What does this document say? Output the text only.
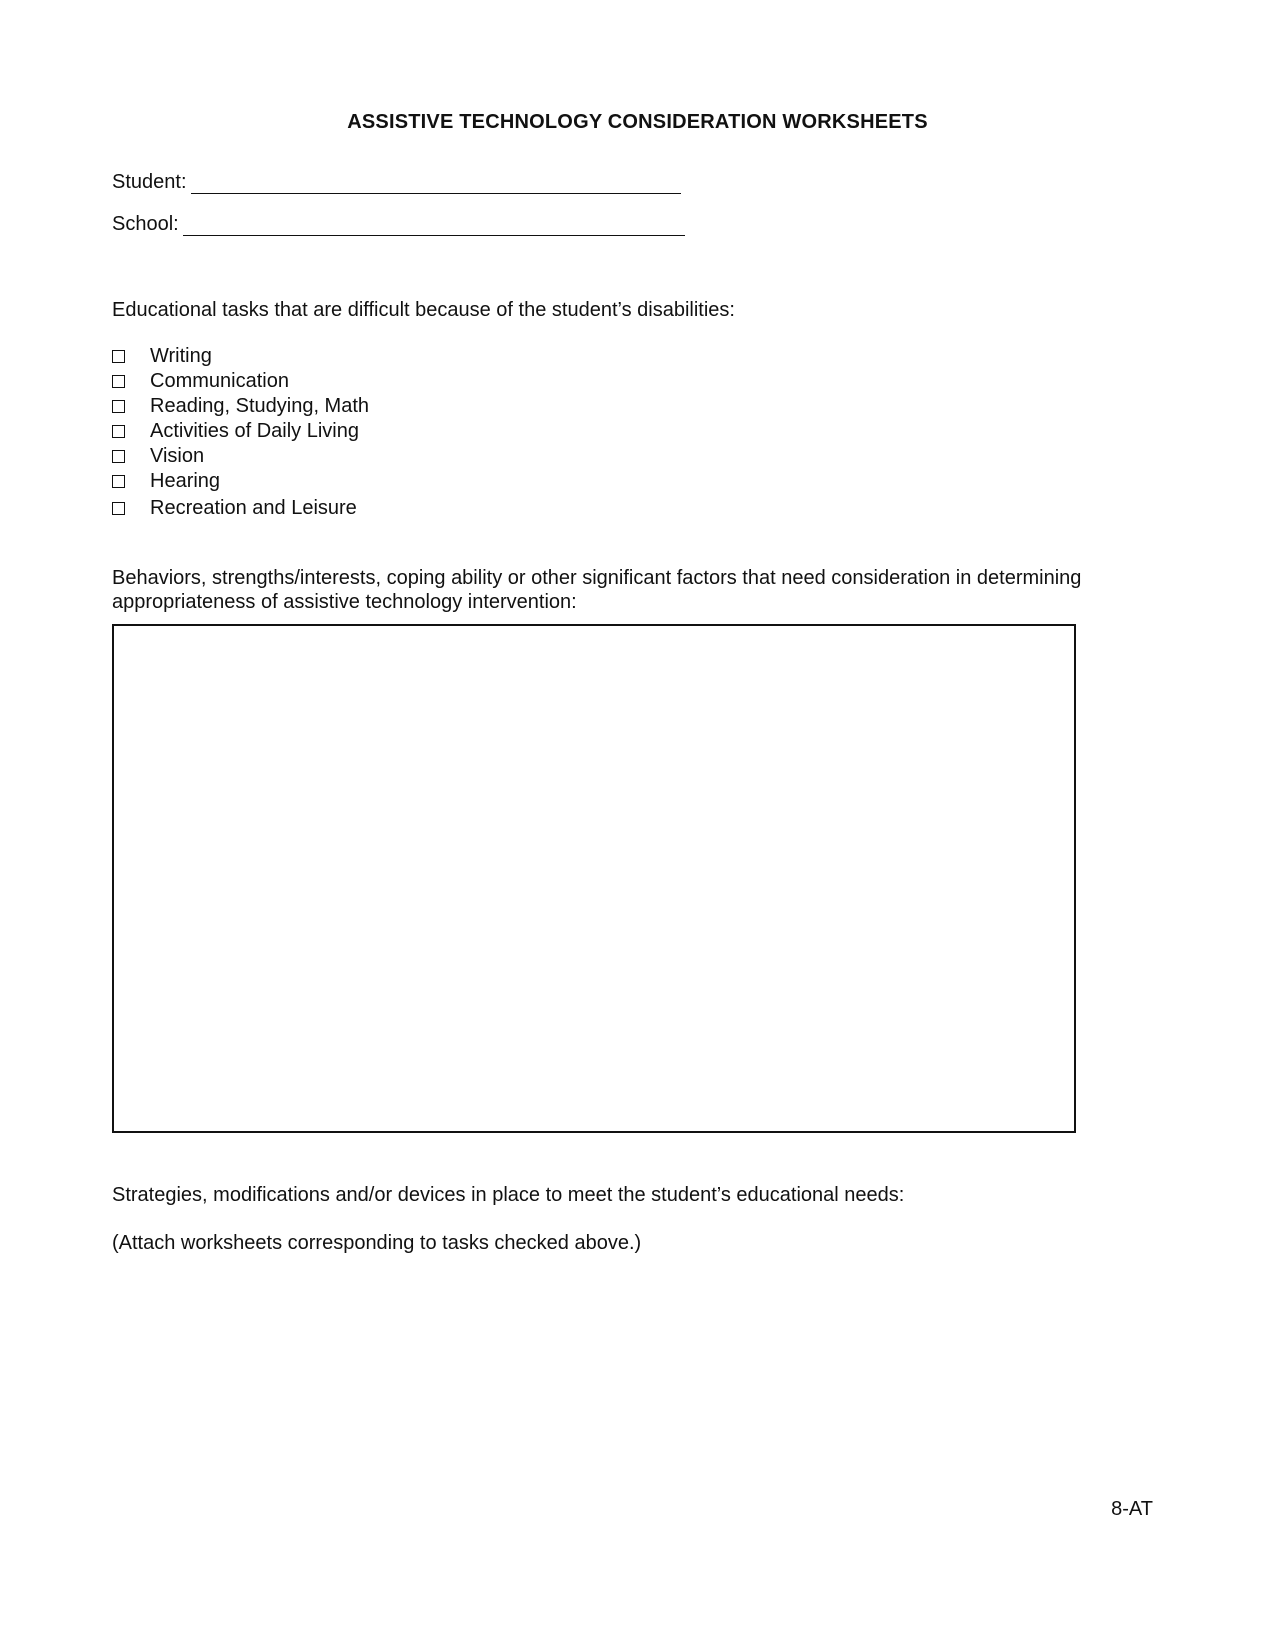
ASSISTIVE TECHNOLOGY CONSIDERATION WORKSHEETS
Student:
School:
Educational tasks that are difficult because of the student’s disabilities:
Writing
Communication
Reading, Studying, Math
Activities of Daily Living
Vision
Hearing
Recreation and Leisure
Behaviors, strengths/interests, coping ability or other significant factors that need consideration in determining appropriateness of assistive technology intervention:
Strategies, modifications and/or devices in place to meet the student’s educational needs:
(Attach worksheets corresponding to tasks checked above.)
8-AT
